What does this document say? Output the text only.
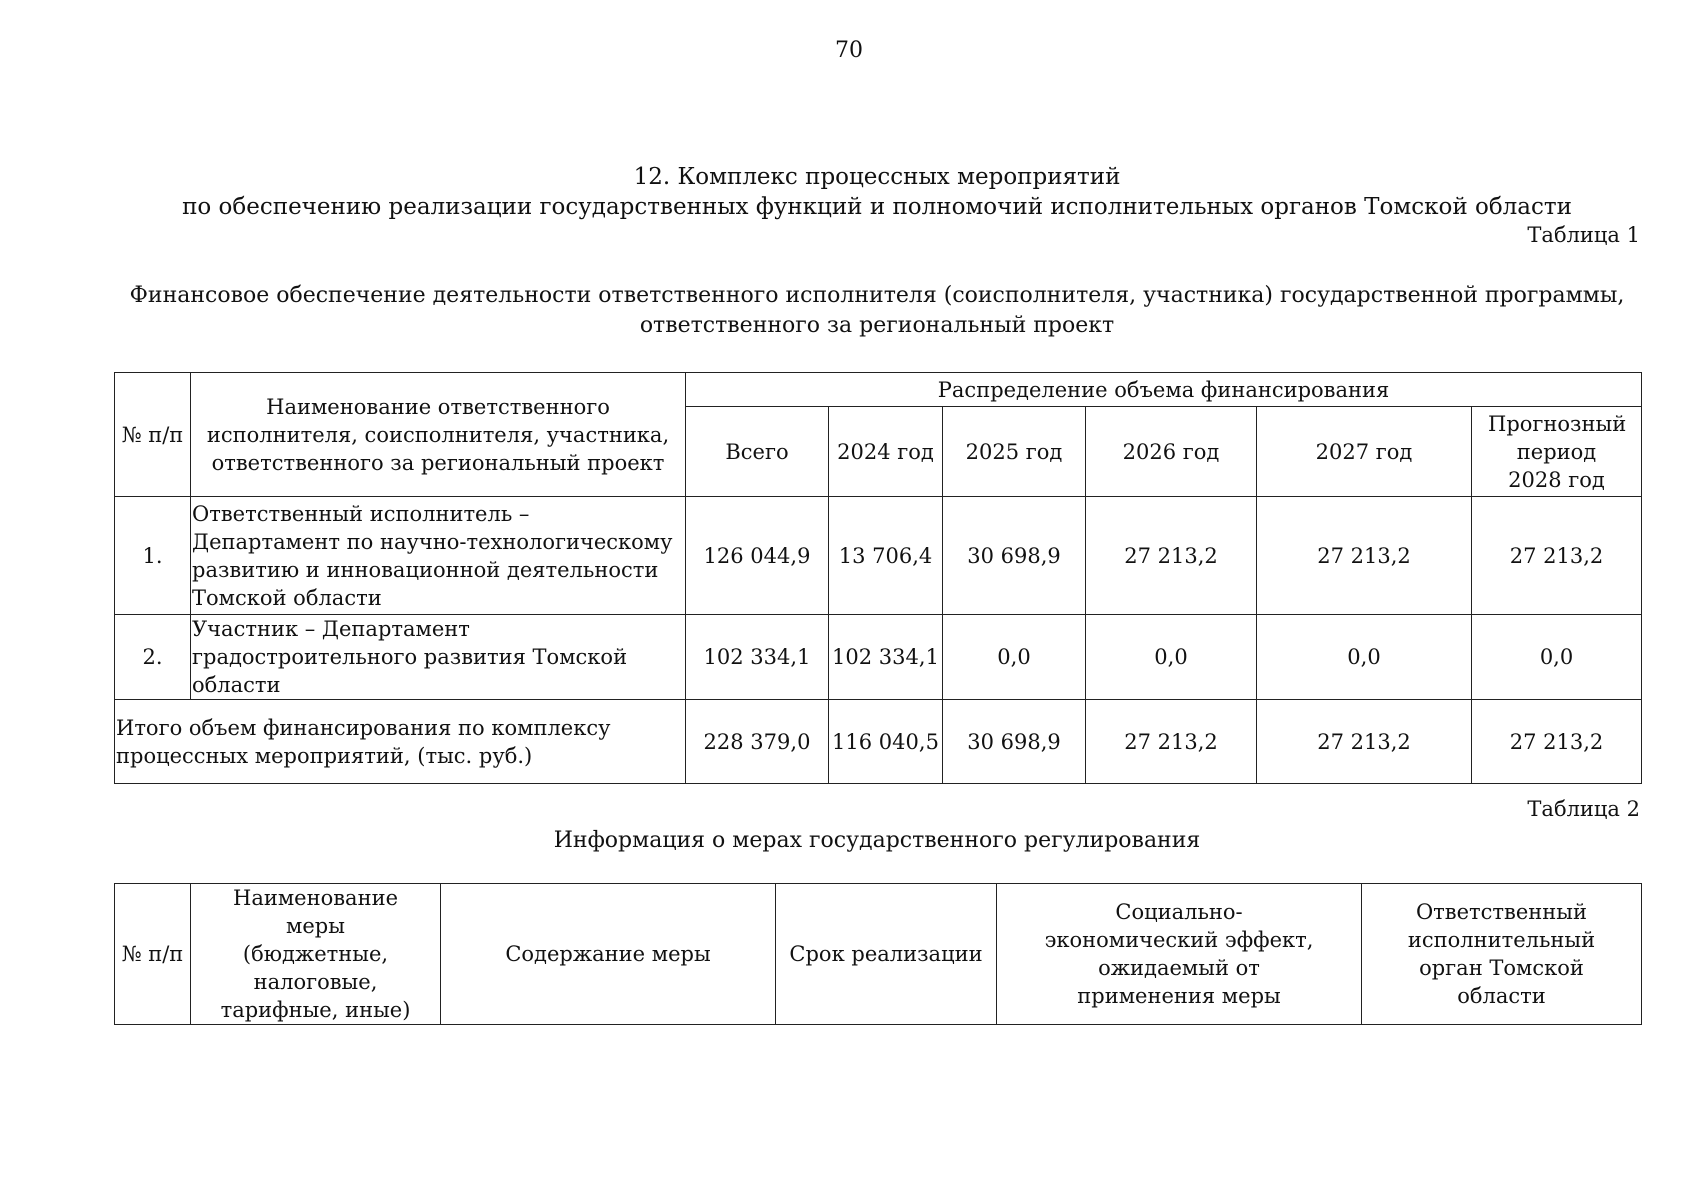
70
12. Комплекс процессных мероприятий
по обеспечению реализации государственных функций и полномочий исполнительных органов Томской области
Таблица 1
Финансовое обеспечение деятельности ответственного исполнителя (соисполнителя, участника) государственной программы,
ответственного за региональный проект
№ п/п	Наименование ответственного исполнителя, соисполнителя, участника, ответственного за региональный проект	Распределение объема финансирования					
		Всего	2024 год	2025 год	2026 год	2027 год	Прогнозный период 2028 год
1.	Ответственный исполнитель – Департамент по научно-технологическому развитию и инновационной деятельности Томской области	126 044,9	13 706,4	30 698,9	27 213,2	27 213,2	27 213,2
2.	Участник – Департамент градостроительного развития Томской области	102 334,1	102 334,1	0,0	0,0	0,0	0,0
Итого объем финансирования по комплексу процессных мероприятий, (тыс. руб.)		228 379,0	116 040,5	30 698,9	27 213,2	27 213,2	27 213,2
Таблица 2
Информация о мерах государственного регулирования
№ п/п	Наименование меры (бюджетные, налоговые, тарифные, иные)	Содержание меры	Срок реализации	Социально-экономический эффект, ожидаемый от применения меры	Ответственный исполнительный орган Томской области
